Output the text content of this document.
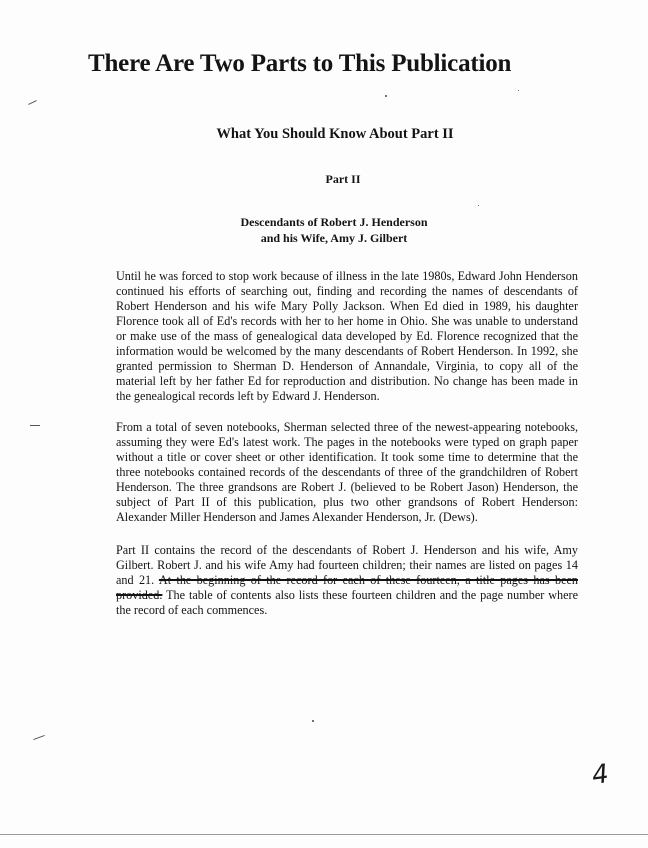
There Are Two Parts to This Publication
What You Should Know About Part II
Part II
Descendants of Robert J. Henderson
and his Wife, Amy J. Gilbert

Until he was forced to stop work because of illness in the late 1980s, Edward John Henderson continued his efforts of searching out, finding and recording the names of descendants of Robert Henderson and his wife Mary Polly Jackson. When Ed died in 1989, his daughter Florence took all of Ed's records with her to her home in Ohio. She was unable to understand or make use of the mass of genealogical data developed by Ed. Florence recognized that the information would be welcomed by the many descendants of Robert Henderson. In 1992, she granted permission to Sherman D. Henderson of Annandale, Virginia, to copy all of the material left by her father Ed for reproduction and distribution. No change has been made in the genealogical records left by Edward J. Henderson.

From a total of seven notebooks, Sherman selected three of the newest-appearing notebooks, assuming they were Ed's latest work. The pages in the notebooks were typed on graph paper without a title or cover sheet or other identification. It took some time to determine that the three notebooks contained records of the descendants of three of the grandchildren of Robert Henderson. The three grandsons are Robert J. (believed to be Robert Jason) Henderson, the subject of Part II of this publication, plus two other grandsons of Robert Henderson: Alexander Miller Henderson and James Alexander Henderson, Jr. (Dews).

Part II contains the record of the descendants of Robert J. Henderson and his wife, Amy Gilbert. Robert J. and his wife Amy had fourteen children; their names are listed on pages 14 and 21. At the beginning of the record for each of these fourteen, a title pages has been provided. The table of contents also lists these fourteen children and the page number where the record of each commences.

4
